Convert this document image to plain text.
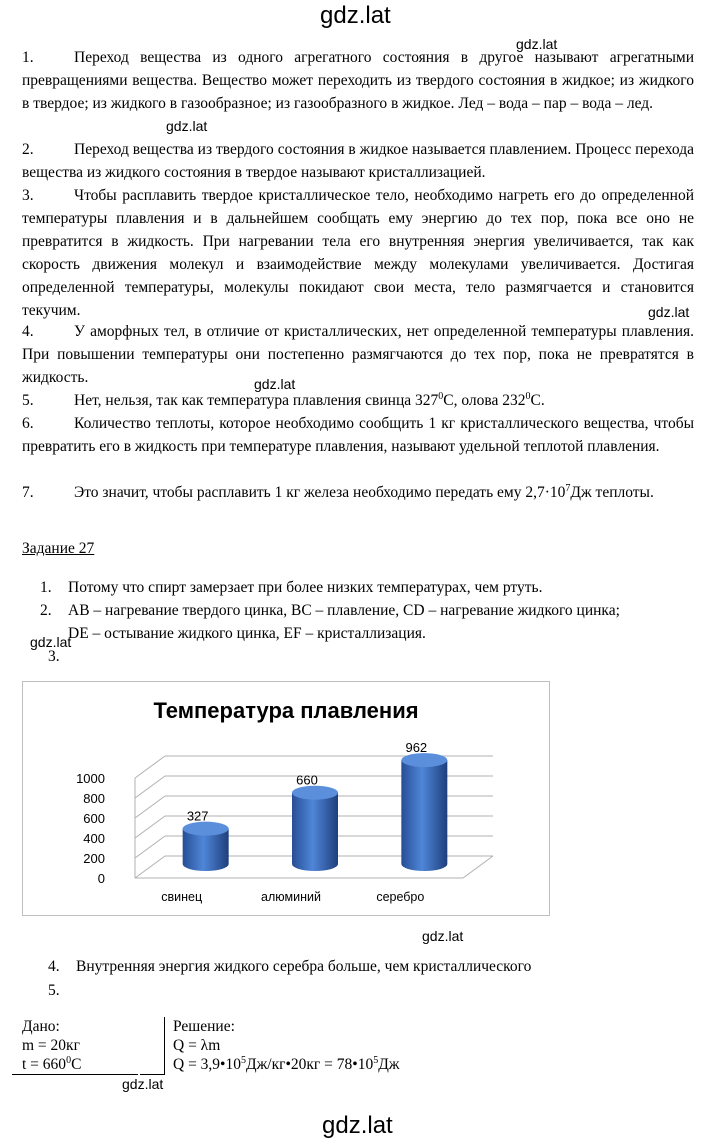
gdz.lat
gdz.lat
gdz.lat
gdz.lat
gdz.lat
gdz.lat
gdz.lat
gdz.lat
gdz.lat
1.	Переход вещества из одного агрегатного состояния в другое называют агрегатными превращениями вещества. Вещество может переходить из твердого состояния в жидкое; из жидкого в твердое; из жидкого в газообразное; из газообразного в жидкое. Лед – вода – пар – вода – лед.
2.	Переход вещества из твердого состояния в жидкое называется плавлением. Процесс перехода вещества из жидкого состояния в твердое называют кристаллизацией.
3.	Чтобы расплавить твердое кристаллическое тело, необходимо нагреть его до определенной температуры плавления и в дальнейшем сообщать ему энергию до тех пор, пока все оно не превратится в жидкость. При нагревании тела его внутренняя энергия увеличивается, так как скорость движения молекул и взаимодействие между молекулами увеличивается. Достигая определенной температуры, молекулы покидают свои места, тело размягчается и становится текучим.
4.	У аморфных тел, в отличие от кристаллических, нет определенной температуры плавления. При повышении температуры они постепенно размягчаются до тех пор, пока не превратятся в жидкость.
5.	Нет, нельзя, так как температура плавления свинца $327^0С$, олова $232^0С$.
6.	Количество теплоты, которое необходимо сообщить 1 кг кристаллического вещества, чтобы превратить его в жидкость при температуре плавления, называют удельной теплотой плавления.
7.	Это значит, чтобы расплавить 1 кг железа необходимо передать ему $2,7\cdot 10^7Дж$ теплоты.
Задание 27
1. Потому что спирт замерзает при более низких температурах, чем ртуть.
2. AB – нагревание твердого цинка, BC – плавление, CD – нагревание жидкого цинка;
DE – остывание жидкого цинка, EF – кристаллизация.
3.
Температура плавления
0
200
400
600
800
1000
327
660
962
свинец	алюминий	серебро
4. Внутренняя энергия жидкого серебра больше, чем кристаллического
5.
Дано:
m = 20кг
$t = 660^0C$
Решение:
Q = λm
$Q = 3,9•10^5Дж/кг•20кг$ = $78•10^5Дж$
